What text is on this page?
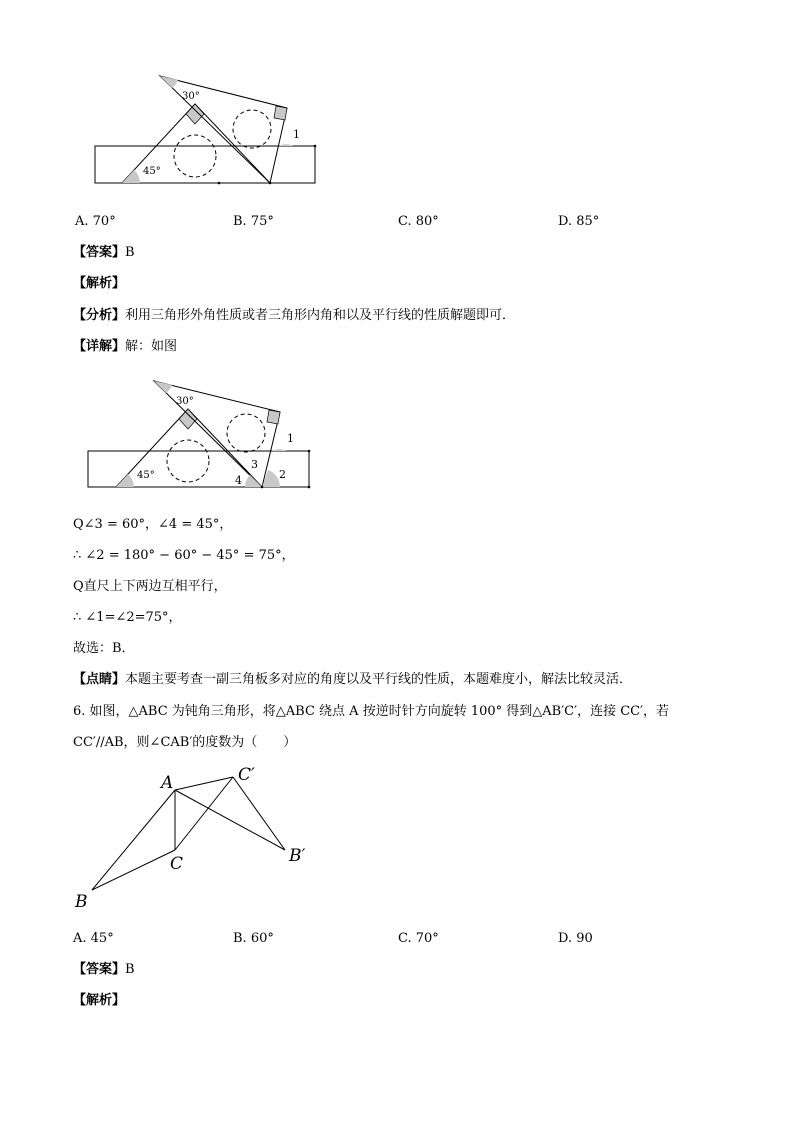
30°
45°
1
A. 70°	B. 75°	C. 80°	D. 85°
【答案】B
【解析】
【分析】利用三角形外角性质或者三角形内角和以及平行线的性质解题即可．
【详解】解：如图
30°
45°
1
2
3
4
Q∠3 = 60°，∠4 = 45°，
∴ ∠2 = 180° − 60° − 45° = 75°，
Q直尺上下两边互相平行，
∴ ∠1=∠2=75°，
故选：B．
【点睛】本题主要考查一副三角板多对应的角度以及平行线的性质，本题难度小，解法比较灵活．
6. 如图，△ABC 为钝角三角形，将△ABC 绕点 A 按逆时针方向旋转 100° 得到△AB′C′，连接 CC′，若
CC′//AB，则∠CAB′的度数为（　　）
A
B
C
C′
B′
A. 45°	B. 60°	C. 70°	D. 90
【答案】B
【解析】
